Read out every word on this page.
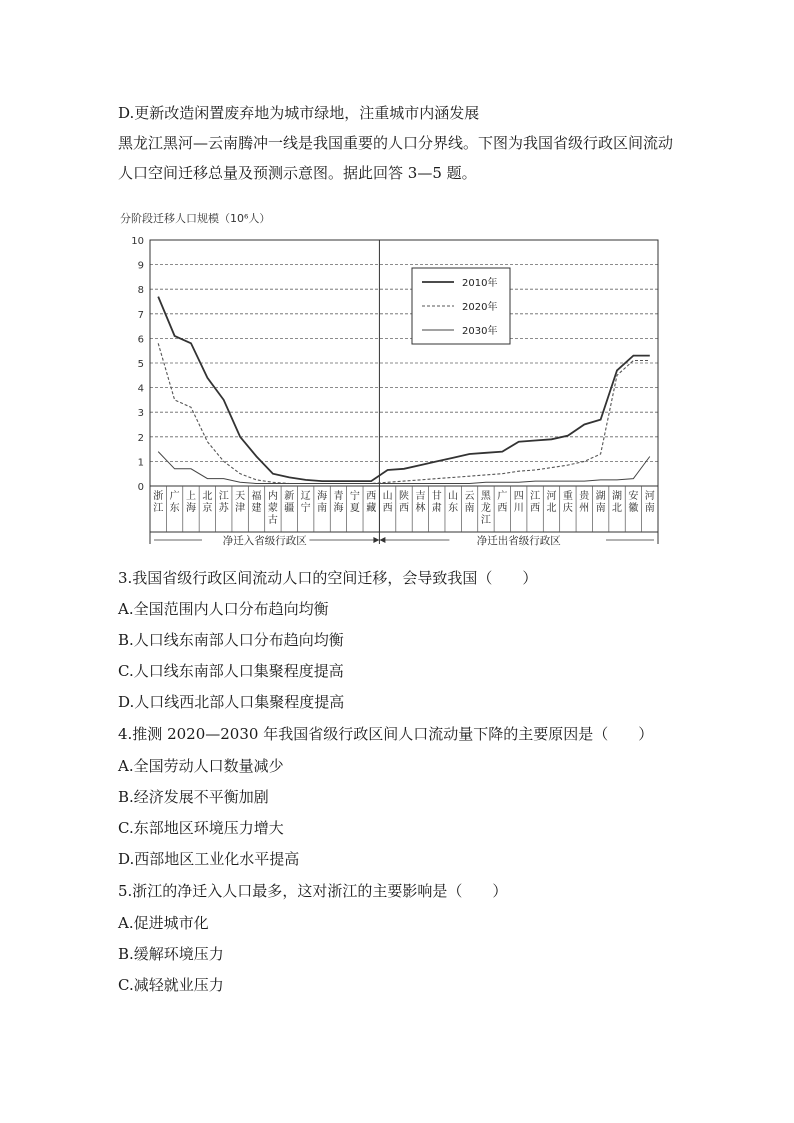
D.更新改造闲置废弃地为城市绿地，注重城市内涵发展
黑龙江黑河—云南腾冲一线是我国重要的人口分界线。下图为我国省级行政区间流动人口空间迁移总量及预测示意图。据此回答 3—5 题。
分阶段迁移人口规模（10⁶人）
0
1
2
3
4
5
6
7
8
9
10
浙江
广东
上海
北京
江苏
天津
福建
内蒙古
新疆
辽宁
海南
青海
宁夏
西藏
山西
陕西
吉林
甘肃
山东
云南
黑龙江
广西
四川
江西
河北
重庆
贵州
湖南
湖北
安徽
河南
净迁入省级行政区	净迁出省级行政区
2010年
2020年
2030年
3.我国省级行政区间流动人口的空间迁移，会导致我国（　　）
A.全国范围内人口分布趋向均衡
B.人口线东南部人口分布趋向均衡
C.人口线东南部人口集聚程度提高
D.人口线西北部人口集聚程度提高
4.推测 2020—2030 年我国省级行政区间人口流动量下降的主要原因是（　　）
A.全国劳动人口数量减少
B.经济发展不平衡加剧
C.东部地区环境压力增大
D.西部地区工业化水平提高
5.浙江的净迁入人口最多，这对浙江的主要影响是（　　）
A.促进城市化
B.缓解环境压力
C.减轻就业压力
